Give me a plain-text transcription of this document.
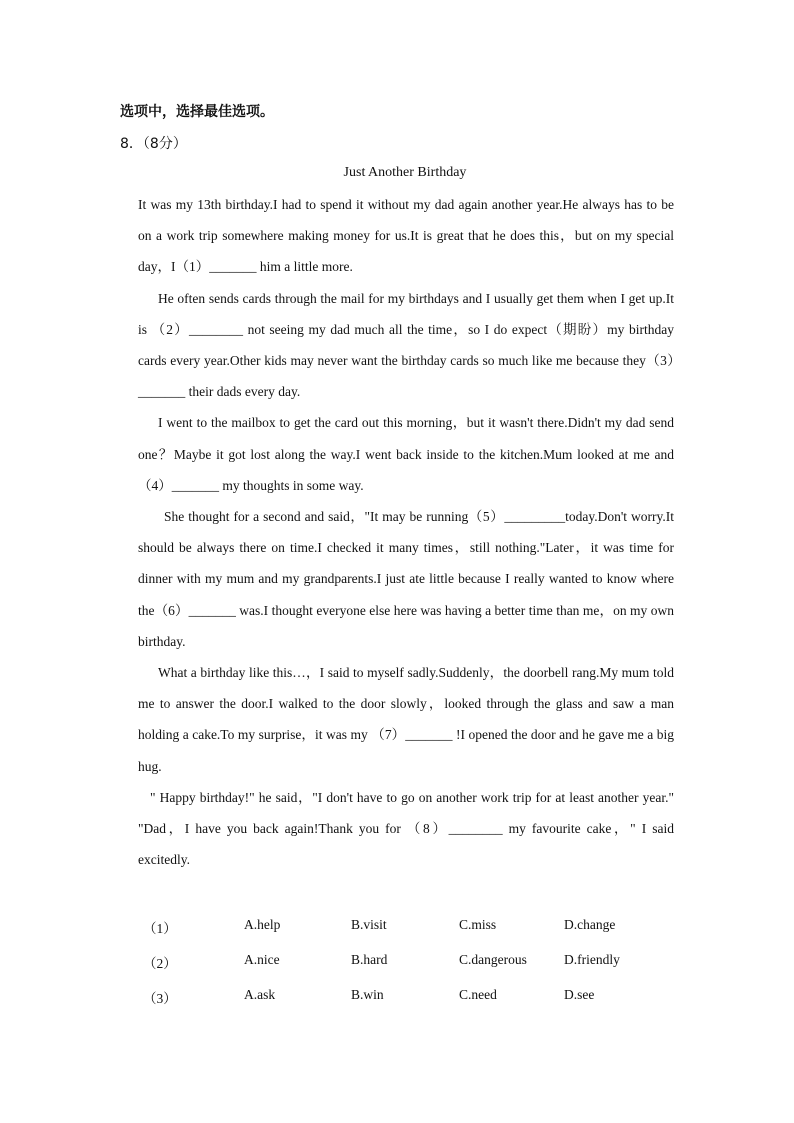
选项中，选择最佳选项。
8．（8分）
Just Another Birthday

It was my 13th birthday.I had to spend it without my dad again another year.He always has to be on a work trip somewhere making money for us.It is great that he does this，but on my special day，I（1）_______ him a little more.

He often sends cards through the mail for my birthdays and I usually get them when I get up.It is （2）________ not seeing my dad much all the time，so I do expect（期盼）my birthday cards every year.Other kids may never want the birthday cards so much like me because they（3）_______ their dads every day.

I went to the mailbox to get the card out this morning，but it wasn't there.Didn't my dad send one？Maybe it got lost along the way.I went back inside to the kitchen.Mum looked at me and （4）_______ my thoughts in some way.

She thought for a second and said，"It may be running（5）_________today.Don't worry.It should be always there on time.I checked it many times，still nothing."Later，it was time for dinner with my mum and my grandparents.I just ate little because I really wanted to know where the（6）_______ was.I thought everyone else here was having a better time than me，on my own birthday.

What a birthday like this…，I said to myself sadly.Suddenly，the doorbell rang.My mum told me to answer the door.I walked to the door slowly，looked through the glass and saw a man holding a cake.To my surprise，it was my （7）_______ !I opened the door and he gave me a big hug.

" Happy birthday!" he said，"I don't have to go on another work trip for at least another year." "Dad，I have you back again!Thank you for （8）________ my favourite cake，" I said excitedly.

（1）	A.help	B.visit	C.miss	D.change
（2）	A.nice	B.hard	C.dangerous	D.friendly
（3）	A.ask	B.win	C.need	D.see
